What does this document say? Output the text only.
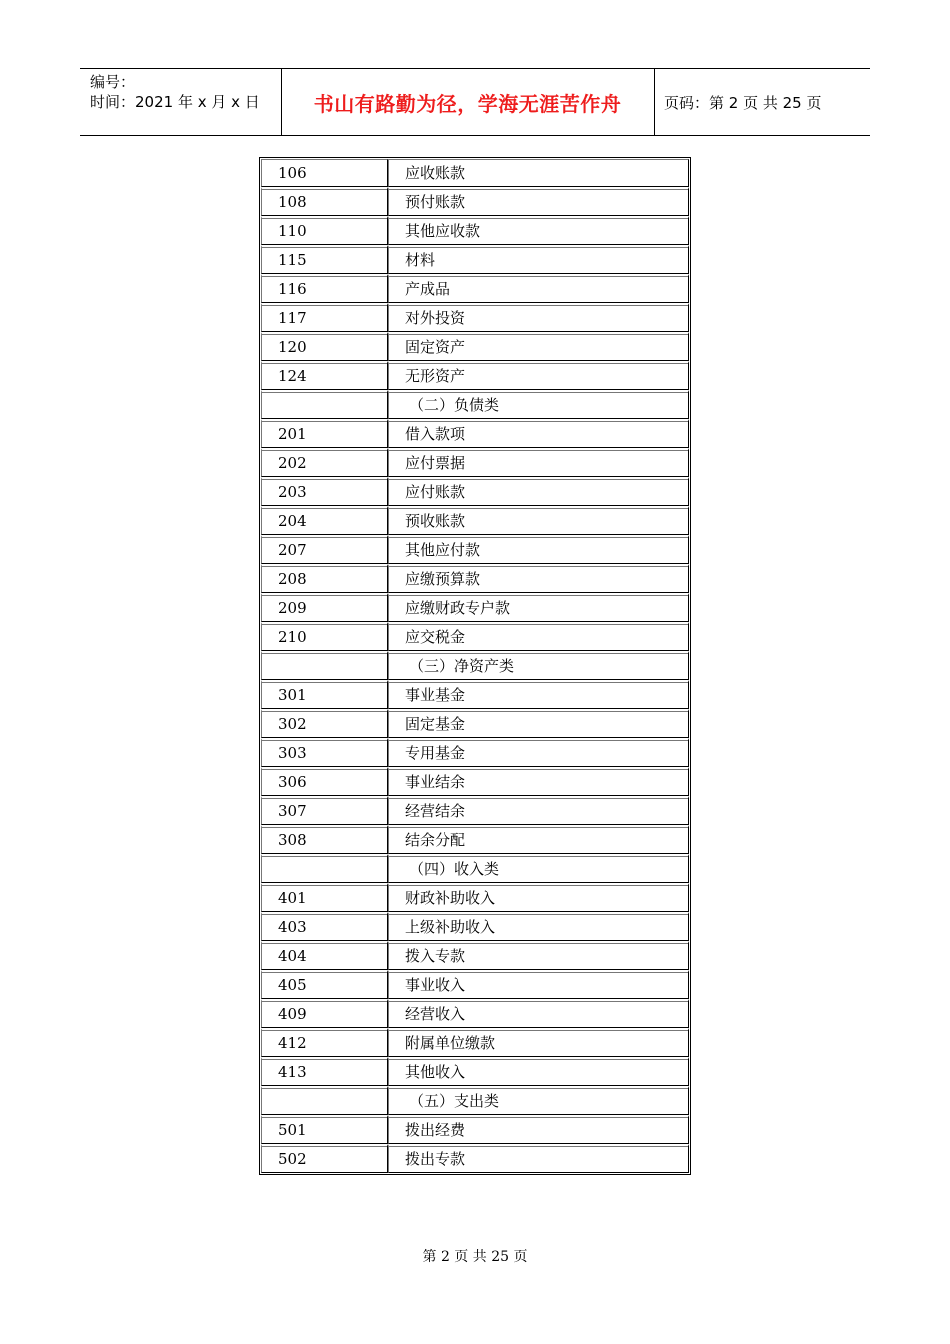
编号：
时间：2021 年 x 月 x 日	书山有路勤为径，学海无涯苦作舟	页码：第 2 页 共 25 页
106	应收账款
108	预付账款
110	其他应收款
115	材料
116	产成品
117	对外投资
120	固定资产
124	无形资产
	（二）负债类
201	借入款项
202	应付票据
203	应付账款
204	预收账款
207	其他应付款
208	应缴预算款
209	应缴财政专户款
210	应交税金
	（三）净资产类
301	事业基金
302	固定基金
303	专用基金
306	事业结余
307	经营结余
308	结余分配
	（四）收入类
401	财政补助收入
403	上级补助收入
404	拨入专款
405	事业收入
409	经营收入
412	附属单位缴款
413	其他收入
	（五）支出类
501	拨出经费
502	拨出专款
第 2 页 共 25 页
